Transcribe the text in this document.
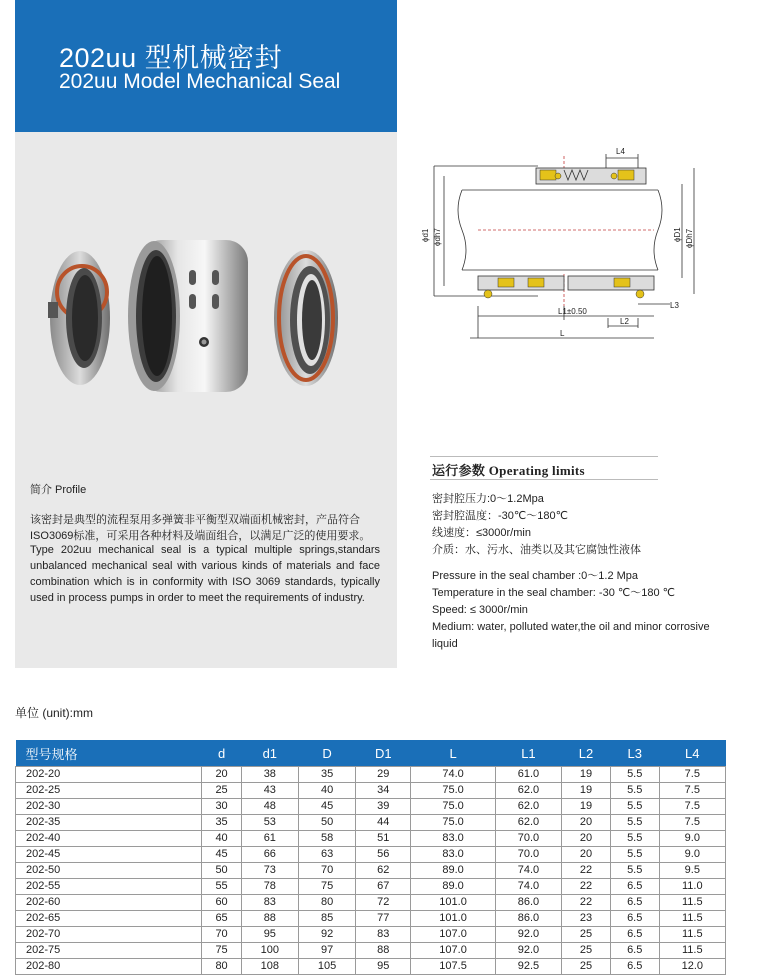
202uu 型机械密封
202uu Model Mechanical Seal
L4
ϕd1 ϕdh7	ϕD1 ϕDh7
L3
L1±0.50
L2
L
简介 Profile
该密封是典型的流程泵用多弹簧非平衡型双端面机械密封，产品符合ISO3069标准，可采用各种材料及端面组合，以满足广泛的使用要求。
Type 202uu mechanical seal is a typical multiple springs,standars unbalanced mechanical seal with various kinds of materials and face combination which is in conformity with ISO 3069 standards, typically used in process pumps in order to meet the requirements of industry.
运行参数 Operating limits
密封腔压力:0～1.2Mpa
密封腔温度：-30℃～180℃
线速度：≤3000r/min
介质：水、污水、油类以及其它腐蚀性液体
Pressure in the seal chamber :0～1.2 Mpa
Temperature in the seal chamber: -30 ℃～180 ℃
Speed: ≤ 3000r/min
Medium: water, polluted water,the oil and minor corrosive liquid
单位 (unit):mm
型号规格	d	d1	D	D1	L	L1	L2	L3	L4
202-20	20	38	35	29	74.0	61.0	19	5.5	7.5
202-25	25	43	40	34	75.0	62.0	19	5.5	7.5
202-30	30	48	45	39	75.0	62.0	19	5.5	7.5
202-35	35	53	50	44	75.0	62.0	20	5.5	7.5
202-40	40	61	58	51	83.0	70.0	20	5.5	9.0
202-45	45	66	63	56	83.0	70.0	20	5.5	9.0
202-50	50	73	70	62	89.0	74.0	22	5.5	9.5
202-55	55	78	75	67	89.0	74.0	22	6.5	11.0
202-60	60	83	80	72	101.0	86.0	22	6.5	11.5
202-65	65	88	85	77	101.0	86.0	23	6.5	11.5
202-70	70	95	92	83	107.0	92.0	25	6.5	11.5
202-75	75	100	97	88	107.0	92.0	25	6.5	11.5
202-80	80	108	105	95	107.5	92.5	25	6.5	12.0
